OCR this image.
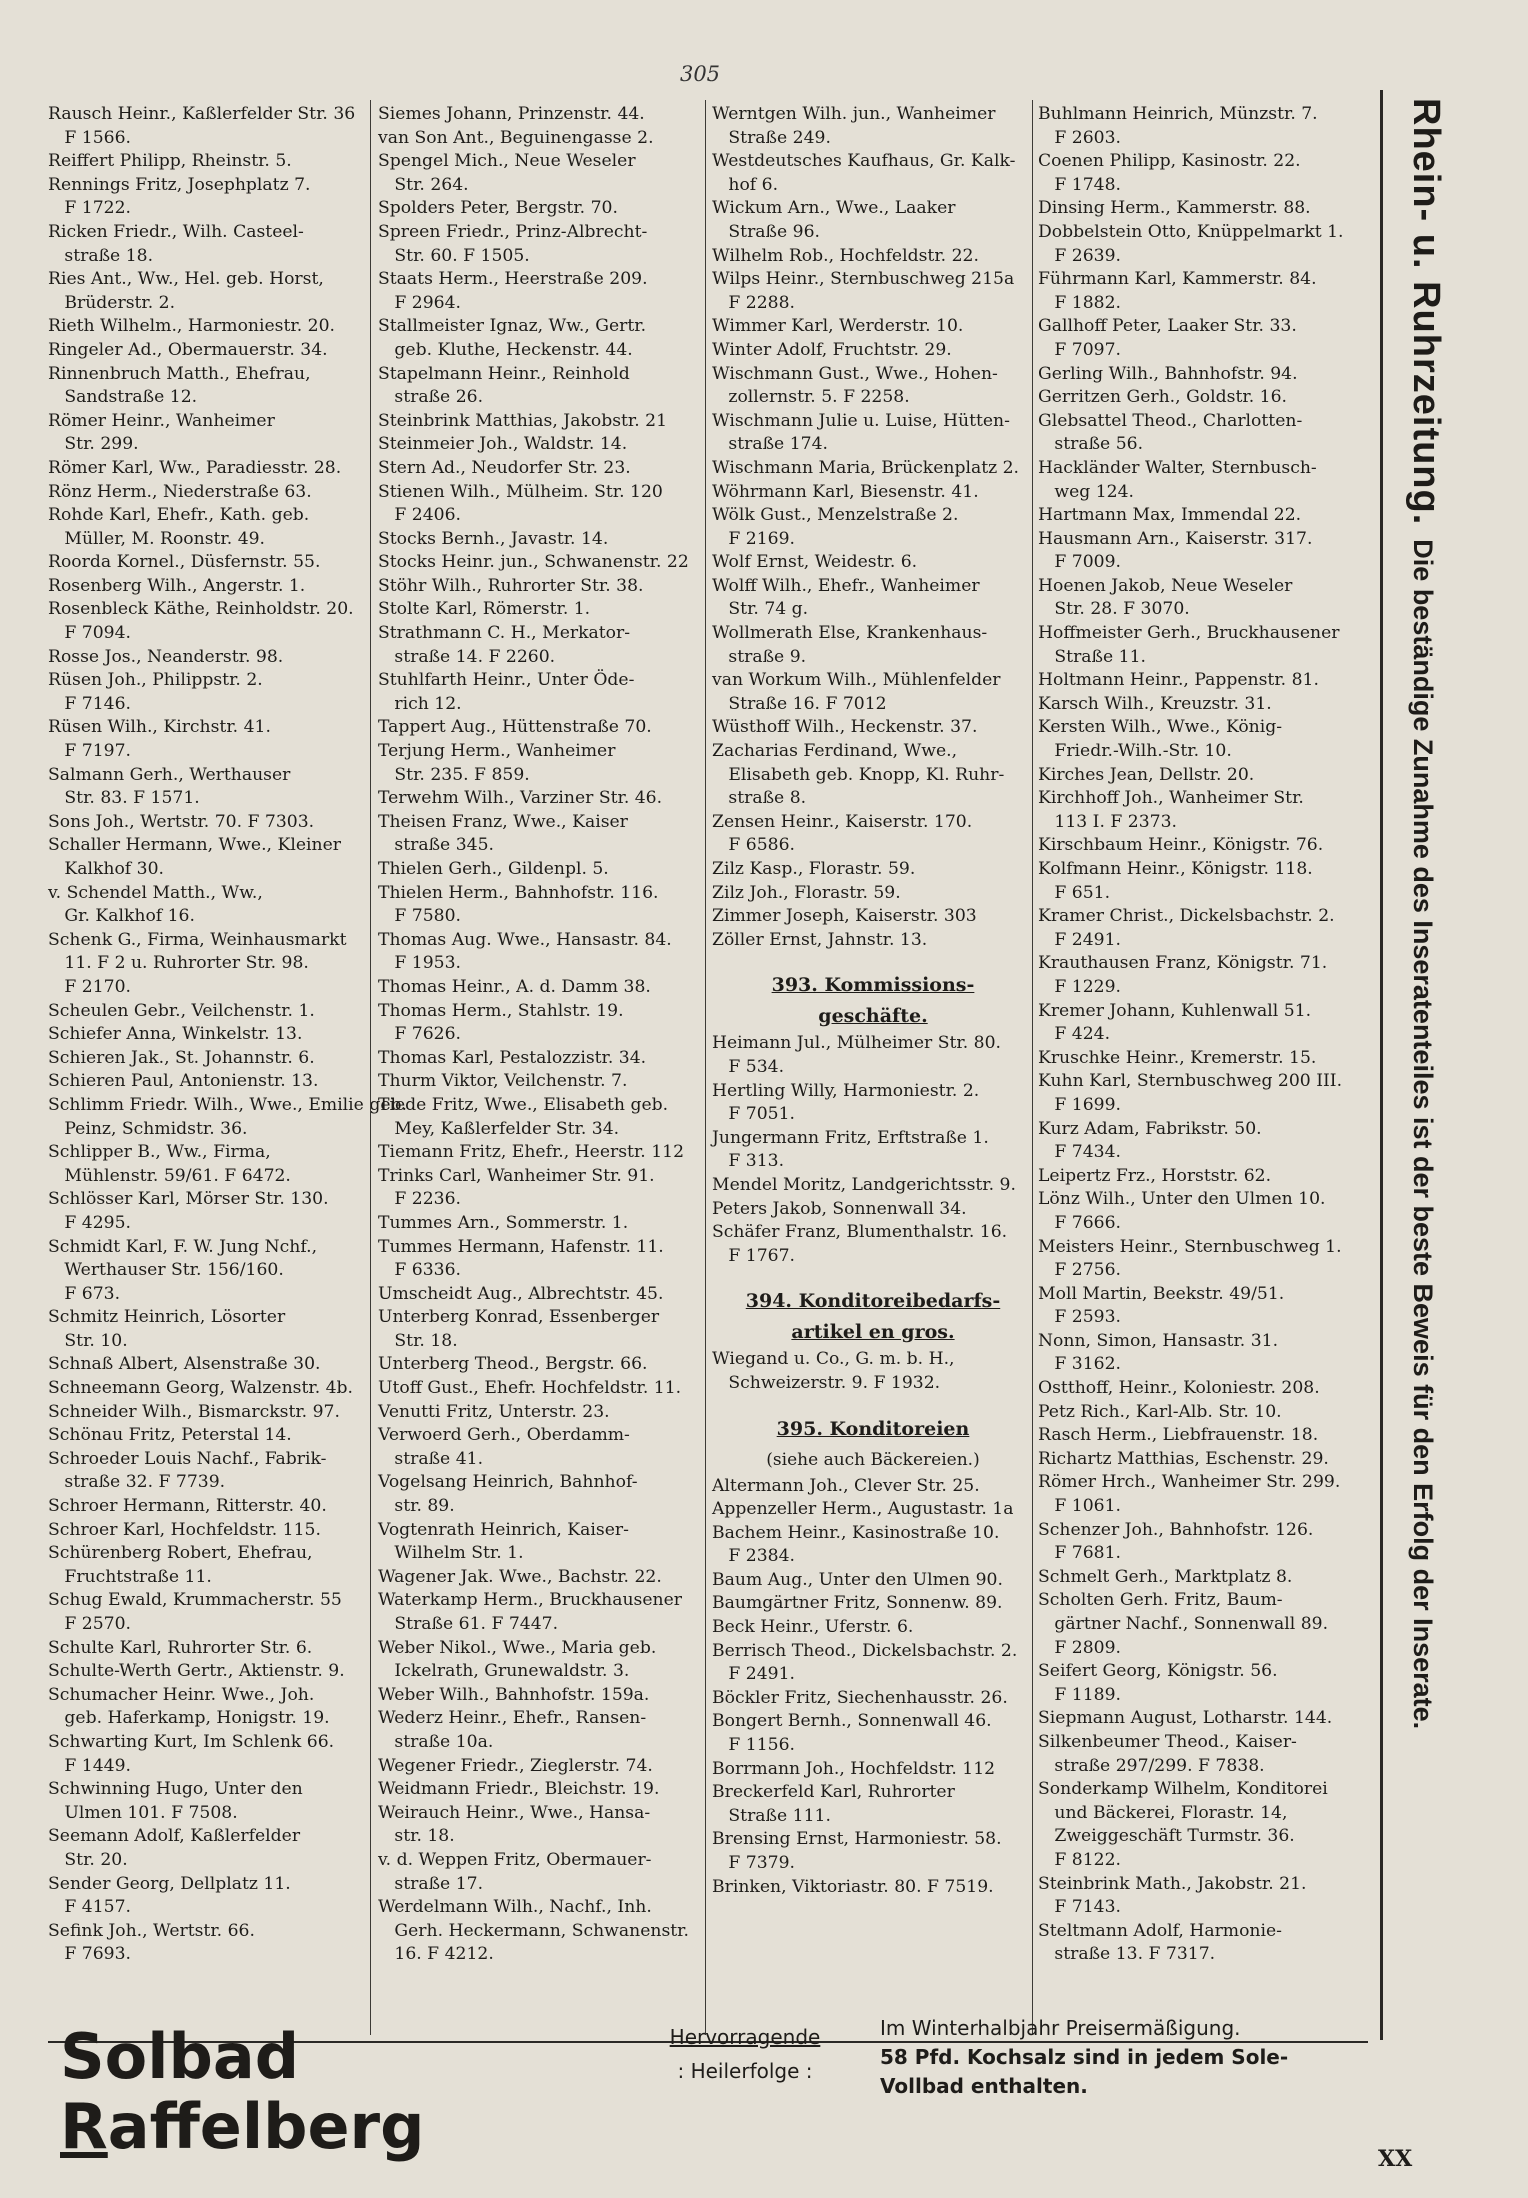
305
Rausch Heinr., Kaßlerfelder Str. 36
F 1566.
Reiffert Philipp, Rheinstr. 5.
Rennings Fritz, Josephplatz 7.
F 1722.
Ricken Friedr., Wilh. Casteel-
straße 18.
Ries Ant., Ww., Hel. geb. Horst,
Brüderstr. 2.
Rieth Wilhelm., Harmoniestr. 20.
Ringeler Ad., Obermauerstr. 34.
Rinnenbruch Matth., Ehefrau,
Sandstraße 12.
Römer Heinr., Wanheimer
Str. 299.
Römer Karl, Ww., Paradiesstr. 28.
Rönz Herm., Niederstraße 63.
Rohde Karl, Ehefr., Kath. geb.
Müller, M. Roonstr. 49.
Roorda Kornel., Düsfernstr. 55.
Rosenberg Wilh., Angerstr. 1.
Rosenbleck Käthe, Reinholdstr. 20.
F 7094.
Rosse Jos., Neanderstr. 98.
Rüsen Joh., Philippstr. 2.
F 7146.
Rüsen Wilh., Kirchstr. 41.
F 7197.
Salmann Gerh., Werthauser
Str. 83. F 1571.
Sons Joh., Wertstr. 70. F 7303.
Schaller Hermann, Wwe., Kleiner
Kalkhof 30.
v. Schendel Matth., Ww.,
Gr. Kalkhof 16.
Schenk G., Firma, Weinhausmarkt
11. F 2 u. Ruhrorter Str. 98.
F 2170.
Scheulen Gebr., Veilchenstr. 1.
Schiefer Anna, Winkelstr. 13.
Schieren Jak., St. Johannstr. 6.
Schieren Paul, Antonienstr. 13.
Schlimm Friedr. Wilh., Wwe., Emilie geb.
Peinz, Schmidstr. 36.
Schlipper B., Ww., Firma,
Mühlenstr. 59/61. F 6472.
Schlösser Karl, Mörser Str. 130.
F 4295.
Schmidt Karl, F. W. Jung Nchf.,
Werthauser Str. 156/160.
F 673.
Schmitz Heinrich, Lösorter
Str. 10.
Schnaß Albert, Alsenstraße 30.
Schneemann Georg, Walzenstr. 4b.
Schneider Wilh., Bismarckstr. 97.
Schönau Fritz, Peterstal 14.
Schroeder Louis Nachf., Fabrik-
straße 32. F 7739.
Schroer Hermann, Ritterstr. 40.
Schroer Karl, Hochfeldstr. 115.
Schürenberg Robert, Ehefrau,
Fruchtstraße 11.
Schug Ewald, Krummacherstr. 55
F 2570.
Schulte Karl, Ruhrorter Str. 6.
Schulte-Werth Gertr., Aktienstr. 9.
Schumacher Heinr. Wwe., Joh.
geb. Haferkamp, Honigstr. 19.
Schwarting Kurt, Im Schlenk 66.
F 1449.
Schwinning Hugo, Unter den
Ulmen 101. F 7508.
Seemann Adolf, Kaßlerfelder
Str. 20.
Sender Georg, Dellplatz 11.
F 4157.
Sefink Joh., Wertstr. 66.
F 7693.
Siemes Johann, Prinzenstr. 44.
van Son Ant., Beguinengasse 2.
Spengel Mich., Neue Weseler
Str. 264.
Spolders Peter, Bergstr. 70.
Spreen Friedr., Prinz-Albrecht-
Str. 60. F 1505.
Staats Herm., Heerstraße 209.
F 2964.
Stallmeister Ignaz, Ww., Gertr.
geb. Kluthe, Heckenstr. 44.
Stapelmann Heinr., Reinhold
straße 26.
Steinbrink Matthias, Jakobstr. 21
Steinmeier Joh., Waldstr. 14.
Stern Ad., Neudorfer Str. 23.
Stienen Wilh., Mülheim. Str. 120
F 2406.
Stocks Bernh., Javastr. 14.
Stocks Heinr. jun., Schwanenstr. 22
Stöhr Wilh., Ruhrorter Str. 38.
Stolte Karl, Römerstr. 1.
Strathmann C. H., Merkator-
straße 14. F 2260.
Stuhlfarth Heinr., Unter Öde-
rich 12.
Tappert Aug., Hüttenstraße 70.
Terjung Herm., Wanheimer
Str. 235. F 859.
Terwehm Wilh., Varziner Str. 46.
Theisen Franz, Wwe., Kaiser
straße 345.
Thielen Gerh., Gildenpl. 5.
Thielen Herm., Bahnhofstr. 116.
F 7580.
Thomas Aug. Wwe., Hansastr. 84.
F 1953.
Thomas Heinr., A. d. Damm 38.
Thomas Herm., Stahlstr. 19.
F 7626.
Thomas Karl, Pestalozzistr. 34.
Thurm Viktor, Veilchenstr. 7.
Tiede Fritz, Wwe., Elisabeth geb.
Mey, Kaßlerfelder Str. 34.
Tiemann Fritz, Ehefr., Heerstr. 112
Trinks Carl, Wanheimer Str. 91.
F 2236.
Tummes Arn., Sommerstr. 1.
Tummes Hermann, Hafenstr. 11.
F 6336.
Umscheidt Aug., Albrechtstr. 45.
Unterberg Konrad, Essenberger
Str. 18.
Unterberg Theod., Bergstr. 66.
Utoff Gust., Ehefr. Hochfeldstr. 11.
Venutti Fritz, Unterstr. 23.
Verwoerd Gerh., Oberdamm-
straße 41.
Vogelsang Heinrich, Bahnhof-
str. 89.
Vogtenrath Heinrich, Kaiser-
Wilhelm Str. 1.
Wagener Jak. Wwe., Bachstr. 22.
Waterkamp Herm., Bruckhausener
Straße 61. F 7447.
Weber Nikol., Wwe., Maria geb.
Ickelrath, Grunewaldstr. 3.
Weber Wilh., Bahnhofstr. 159a.
Wederz Heinr., Ehefr., Ransen-
straße 10a.
Wegener Friedr., Zieglerstr. 74.
Weidmann Friedr., Bleichstr. 19.
Weirauch Heinr., Wwe., Hansa-
str. 18.
v. d. Weppen Fritz, Obermauer-
straße 17.
Werdelmann Wilh., Nachf., Inh.
Gerh. Heckermann, Schwanenstr.
16. F 4212.
Werntgen Wilh. jun., Wanheimer
Straße 249.
Westdeutsches Kaufhaus, Gr. Kalk-
hof 6.
Wickum Arn., Wwe., Laaker
Straße 96.
Wilhelm Rob., Hochfeldstr. 22.
Wilps Heinr., Sternbuschweg 215a
F 2288.
Wimmer Karl, Werderstr. 10.
Winter Adolf, Fruchtstr. 29.
Wischmann Gust., Wwe., Hohen-
zollernstr. 5. F 2258.
Wischmann Julie u. Luise, Hütten-
straße 174.
Wischmann Maria, Brückenplatz 2.
Wöhrmann Karl, Biesenstr. 41.
Wölk Gust., Menzelstraße 2.
F 2169.
Wolf Ernst, Weidestr. 6.
Wolff Wilh., Ehefr., Wanheimer
Str. 74 g.
Wollmerath Else, Krankenhaus-
straße 9.
van Workum Wilh., Mühlenfelder
Straße 16. F 7012
Wüsthoff Wilh., Heckenstr. 37.
Zacharias Ferdinand, Wwe.,
Elisabeth geb. Knopp, Kl. Ruhr-
straße 8.
Zensen Heinr., Kaiserstr. 170.
F 6586.
Zilz Kasp., Florastr. 59.
Zilz Joh., Florastr. 59.
Zimmer Joseph, Kaiserstr. 303
Zöller Ernst, Jahnstr. 13.
393. Kommissions-
geschäfte.
Heimann Jul., Mülheimer Str. 80.
F 534.
Hertling Willy, Harmoniestr. 2.
F 7051.
Jungermann Fritz, Erftstraße 1.
F 313.
Mendel Moritz, Landgerichtsstr. 9.
Peters Jakob, Sonnenwall 34.
Schäfer Franz, Blumenthalstr. 16.
F 1767.
394. Konditoreibedarfs-
artikel en gros.
Wiegand u. Co., G. m. b. H.,
Schweizerstr. 9. F 1932.
395. Konditoreien
(siehe auch Bäckereien.)
Altermann Joh., Clever Str. 25.
Appenzeller Herm., Augustastr. 1a
Bachem Heinr., Kasinostraße 10.
F 2384.
Baum Aug., Unter den Ulmen 90.
Baumgärtner Fritz, Sonnenw. 89.
Beck Heinr., Uferstr. 6.
Berrisch Theod., Dickelsbachstr. 2.
F 2491.
Böckler Fritz, Siechenhausstr. 26.
Bongert Bernh., Sonnenwall 46.
F 1156.
Borrmann Joh., Hochfeldstr. 112
Breckerfeld Karl, Ruhrorter
Straße 111.
Brensing Ernst, Harmoniestr. 58.
F 7379.
Brinken, Viktoriastr. 80. F 7519.
Buhlmann Heinrich, Münzstr. 7.
F 2603.
Coenen Philipp, Kasinostr. 22.
F 1748.
Dinsing Herm., Kammerstr. 88.
Dobbelstein Otto, Knüppelmarkt 1.
F 2639.
Führmann Karl, Kammerstr. 84.
F 1882.
Gallhoff Peter, Laaker Str. 33.
F 7097.
Gerling Wilh., Bahnhofstr. 94.
Gerritzen Gerh., Goldstr. 16.
Glebsattel Theod., Charlotten-
straße 56.
Hackländer Walter, Sternbusch-
weg 124.
Hartmann Max, Immendal 22.
Hausmann Arn., Kaiserstr. 317.
F 7009.
Hoenen Jakob, Neue Weseler
Str. 28. F 3070.
Hoffmeister Gerh., Bruckhausener
Straße 11.
Holtmann Heinr., Pappenstr. 81.
Karsch Wilh., Kreuzstr. 31.
Kersten Wilh., Wwe., König-
Friedr.-Wilh.-Str. 10.
Kirches Jean, Dellstr. 20.
Kirchhoff Joh., Wanheimer Str.
113 I. F 2373.
Kirschbaum Heinr., Königstr. 76.
Kolfmann Heinr., Königstr. 118.
F 651.
Kramer Christ., Dickelsbachstr. 2.
F 2491.
Krauthausen Franz, Königstr. 71.
F 1229.
Kremer Johann, Kuhlenwall 51.
F 424.
Kruschke Heinr., Kremerstr. 15.
Kuhn Karl, Sternbuschweg 200 III.
F 1699.
Kurz Adam, Fabrikstr. 50.
F 7434.
Leipertz Frz., Horststr. 62.
Lönz Wilh., Unter den Ulmen 10.
F 7666.
Meisters Heinr., Sternbuschweg 1.
F 2756.
Moll Martin, Beekstr. 49/51.
F 2593.
Nonn, Simon, Hansastr. 31.
F 3162.
Ostthoff, Heinr., Koloniestr. 208.
Petz Rich., Karl-Alb. Str. 10.
Rasch Herm., Liebfrauenstr. 18.
Richartz Matthias, Eschenstr. 29.
Römer Hrch., Wanheimer Str. 299.
F 1061.
Schenzer Joh., Bahnhofstr. 126.
F 7681.
Schmelt Gerh., Marktplatz 8.
Scholten Gerh. Fritz, Baum-
gärtner Nachf., Sonnenwall 89.
F 2809.
Seifert Georg, Königstr. 56.
F 1189.
Siepmann August, Lotharstr. 144.
Silkenbeumer Theod., Kaiser-
straße 297/299. F 7838.
Sonderkamp Wilhelm, Konditorei
und Bäckerei, Florastr. 14,
Zweiggeschäft Turmstr. 36.
F 8122.
Steinbrink Math., Jakobstr. 21.
F 7143.
Steltmann Adolf, Harmonie-
straße 13. F 7317.
Rhein- u. Ruhrzeitung.Die beständige Zunahme des Inseratenteiles ist der beste Beweis für den Erfolg der Inserate.
Solbad Raffelberg
Hervorragende
: Heilerfolge :
Im Winterhalbjahr Preisermäßigung.
58 Pfd. Kochsalz sind in jedem Sole-
Vollbad enthalten.
XX
